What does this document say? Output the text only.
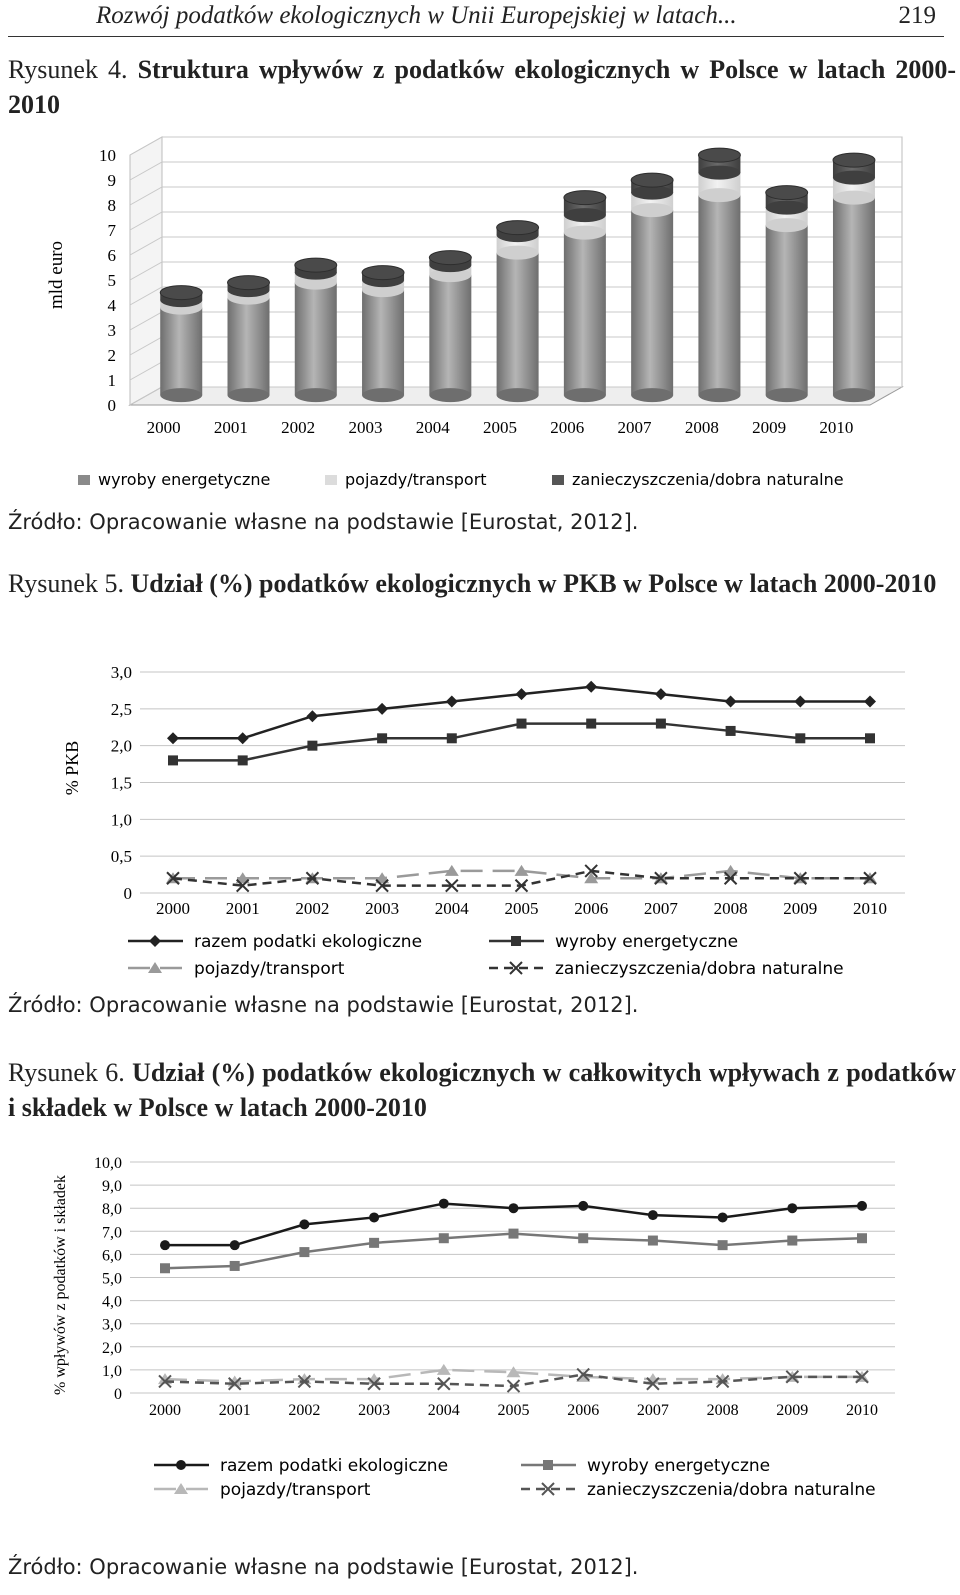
Rozwój podatków ekologicznych w Unii Europejskiej w latach...	219
Rysunek 4. Struktura wpływów z podatków ekologicznych w Polsce w latach 2000-2010
0
1
2
3
4
5
6
7
8
9
10
mld euro
2000 2001 2002 2003 2004 2005 2006 2007 2008 2009 2010
wyroby energetyczne	pojazdy/transport	zanieczyszczenia/dobra naturalne
Źródło: Opracowanie własne na podstawie [Eurostat, 2012].
Rysunek 5. Udział (%) podatków ekologicznych w PKB w Polsce w latach 2000-2010
0
0,5
1,0
1,5
2,0
2,5
3,0
2000 2001 2002 2003 2004 2005 2006 2007 2008 2009 2010
% PKB
razem podatki ekologiczne	wyroby energetyczne
pojazdy/transport	zanieczyszczenia/dobra naturalne
Źródło: Opracowanie własne na podstawie [Eurostat, 2012].
Rysunek 6. Udział (%) podatków ekologicznych w całkowitych wpływach z podatków i składek w Polsce w latach 2000-2010
0
1,0
2,0
3,0
4,0
5,0
6,0
7,0
8,0
9,0
10,0
2000 2001 2002 2003 2004 2005 2006 2007 2008 2009 2010
% wpływów z podatków i składek
razem podatki ekologiczne	wyroby energetyczne
pojazdy/transport	zanieczyszczenia/dobra naturalne
Źródło: Opracowanie własne na podstawie [Eurostat, 2012].
